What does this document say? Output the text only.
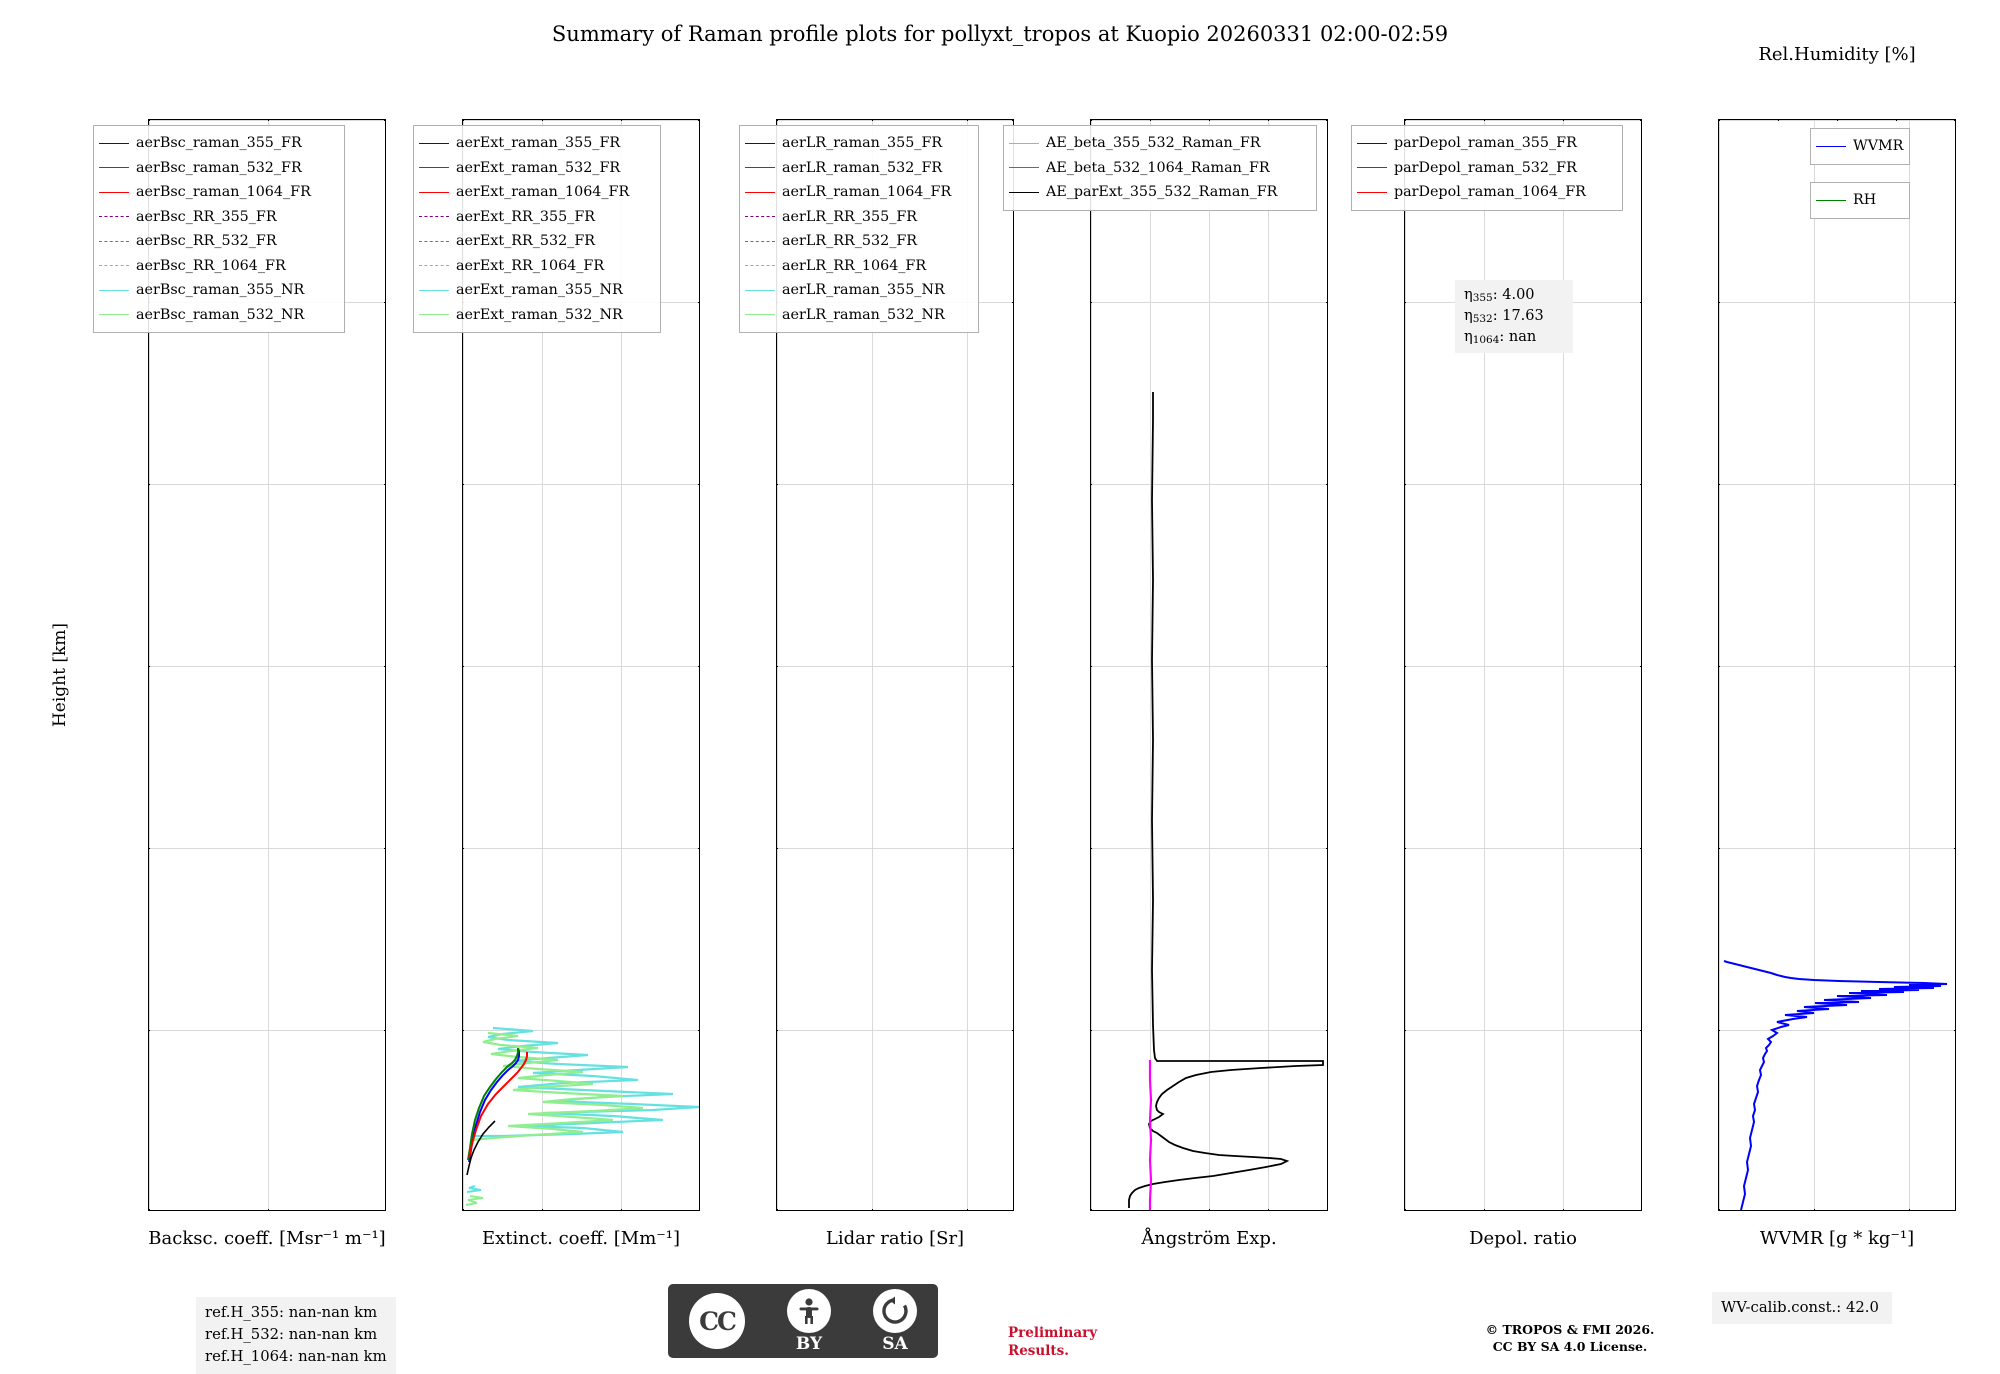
Summary of Raman profile plots for pollyxt_tropos at Kuopio 20260331 02:00-02:59
Height [km]
Backsc. coeff. [Msr⁻¹ m⁻¹]
aerBsc_raman_355_FR
aerBsc_raman_532_FR
aerBsc_raman_1064_FR
aerBsc_RR_355_FR
aerBsc_RR_532_FR
aerBsc_RR_1064_FR
aerBsc_raman_355_NR
aerBsc_raman_532_NR
Extinct. coeff. [Mm⁻¹]
aerExt_raman_355_FR
aerExt_raman_532_FR
aerExt_raman_1064_FR
aerExt_RR_355_FR
aerExt_RR_532_FR
aerExt_RR_1064_FR
aerExt_raman_355_NR
aerExt_raman_532_NR
Lidar ratio [Sr]
aerLR_raman_355_FR
aerLR_raman_532_FR
aerLR_raman_1064_FR
aerLR_RR_355_FR
aerLR_RR_532_FR
aerLR_RR_1064_FR
aerLR_raman_355_NR
aerLR_raman_532_NR
Ångström Exp.
AE_beta_355_532_Raman_FR
AE_beta_532_1064_Raman_FR
AE_parExt_355_532_Raman_FR
Depol. ratio
parDepol_raman_355_FR
parDepol_raman_532_FR
parDepol_raman_1064_FR
η355: 4.00
η532: 17.63
η1064: nan
WVMR [g * kg⁻¹]
Rel.Humidity [%]
WVMR
RH
ref.H_355: nan-nan km
ref.H_532: nan-nan km
ref.H_1064: nan-nan km
WV-calib.const.: 42.0
CC
BY	SA
Preliminary
Results.
© TROPOS & FMI 2026.
CC BY SA 4.0 License.
